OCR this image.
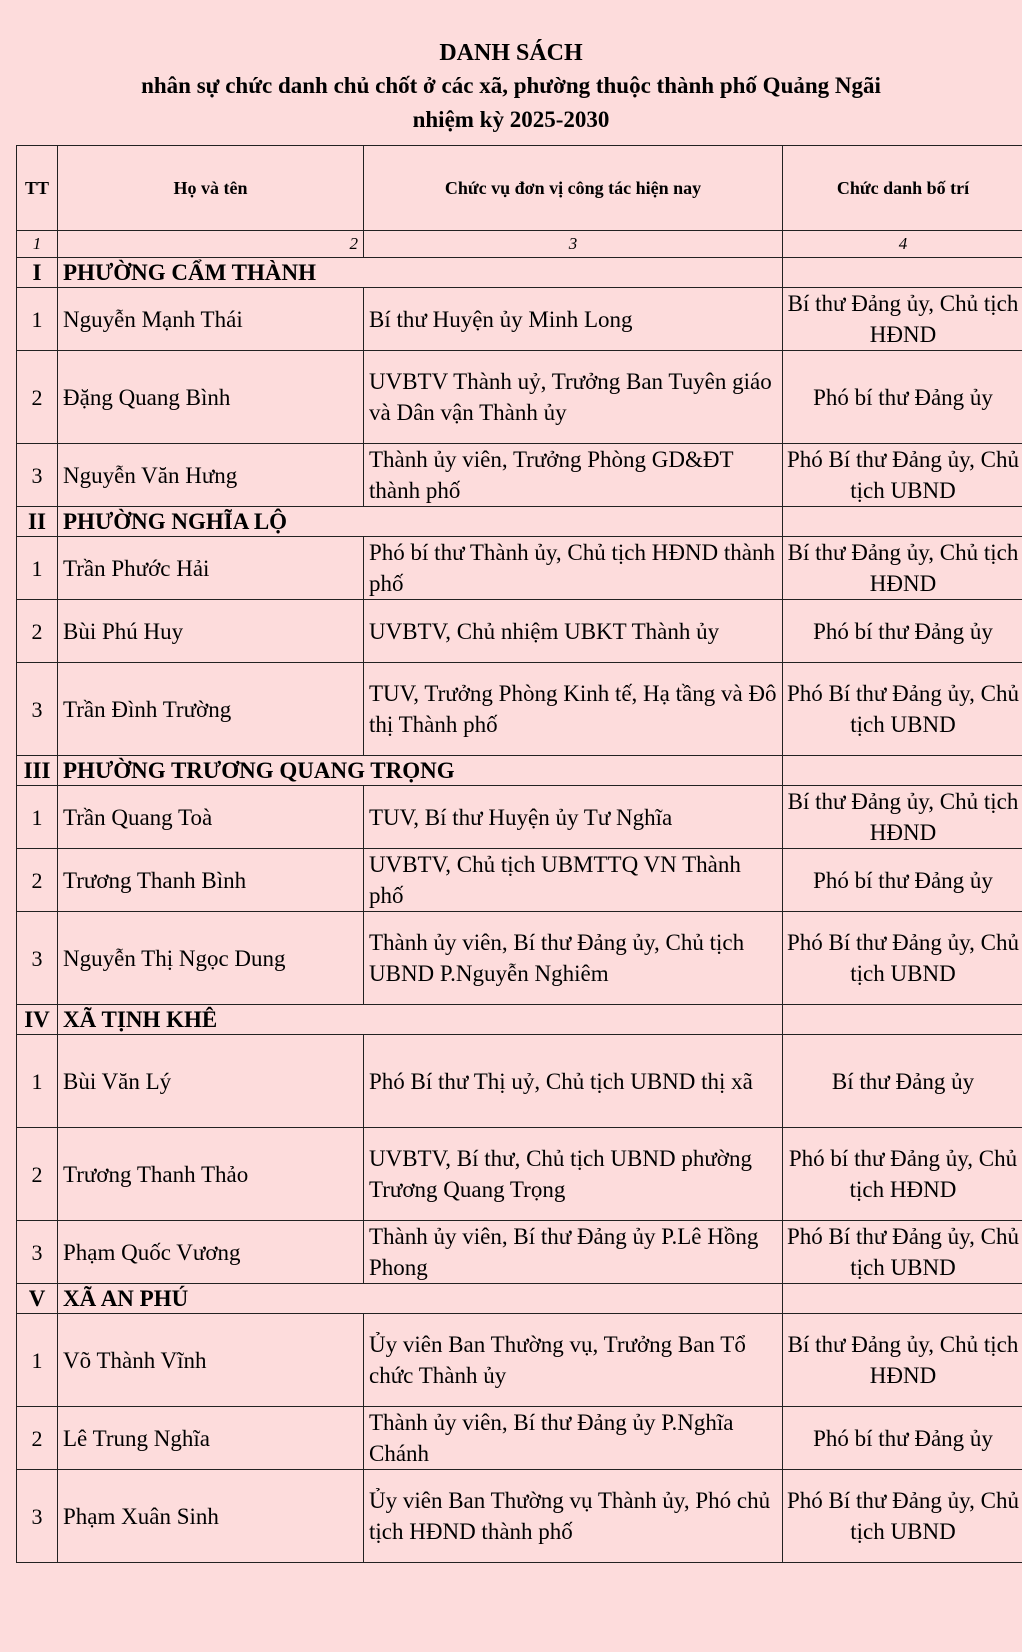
DANH SÁCH
nhân sự chức danh chủ chốt ở các xã, phường thuộc thành phố Quảng Ngãi
nhiệm kỳ 2025-2030
TT	Họ và tên	Chức vụ đơn vị công tác hiện nay	Chức danh bố trí
1	2	3	4
I	PHƯỜNG CẨM THÀNH		
1	Nguyễn Mạnh Thái	Bí thư Huyện ủy Minh Long	Bí thư Đảng ủy, Chủ tịch HĐND
2	Đặng Quang Bình	UVBTV Thành uỷ, Trưởng Ban Tuyên giáo và Dân vận Thành ủy	Phó bí thư Đảng ủy
3	Nguyễn Văn Hưng	Thành ủy viên, Trưởng Phòng GD&ĐT thành phố	Phó Bí thư Đảng ủy, Chủ tịch UBND
II	PHƯỜNG NGHĨA LỘ		
1	Trần Phước Hải	Phó bí thư Thành ủy, Chủ tịch HĐND thành phố	Bí thư Đảng ủy, Chủ tịch HĐND
2	Bùi Phú Huy	UVBTV, Chủ nhiệm UBKT Thành ủy	Phó bí thư Đảng ủy
3	Trần Đình Trường	TUV, Trưởng Phòng Kinh tế, Hạ tầng và Đô thị Thành phố	Phó Bí thư Đảng ủy, Chủ tịch UBND
III	PHƯỜNG TRƯƠNG QUANG TRỌNG		
1	Trần Quang Toà	TUV, Bí thư Huyện ủy Tư Nghĩa	Bí thư Đảng ủy, Chủ tịch HĐND
2	Trương Thanh Bình	UVBTV, Chủ tịch UBMTTQ VN Thành phố	Phó bí thư Đảng ủy
3	Nguyễn Thị Ngọc Dung	Thành ủy viên, Bí thư Đảng ủy, Chủ tịch UBND P.Nguyễn Nghiêm	Phó Bí thư Đảng ủy, Chủ tịch UBND
IV	XÃ TỊNH KHÊ		
1	Bùi Văn Lý	Phó Bí thư Thị uỷ, Chủ tịch UBND thị xã	Bí thư Đảng ủy
2	Trương Thanh Thảo	UVBTV, Bí thư, Chủ tịch UBND phường Trương Quang Trọng	Phó bí thư Đảng ủy, Chủ tịch HĐND
3	Phạm Quốc Vương	Thành ủy viên, Bí thư Đảng ủy P.Lê Hồng Phong	Phó Bí thư Đảng ủy, Chủ tịch UBND
V	XÃ AN PHÚ		
1	Võ Thành Vĩnh	Ủy viên Ban Thường vụ, Trưởng Ban Tổ chức Thành ủy	Bí thư Đảng ủy, Chủ tịch HĐND
2	Lê Trung Nghĩa	Thành ủy viên, Bí thư Đảng ủy P.Nghĩa Chánh	Phó bí thư Đảng ủy
3	Phạm Xuân Sinh	Ủy viên Ban Thường vụ Thành ủy, Phó chủ tịch HĐND thành phố	Phó Bí thư Đảng ủy, Chủ tịch UBND
